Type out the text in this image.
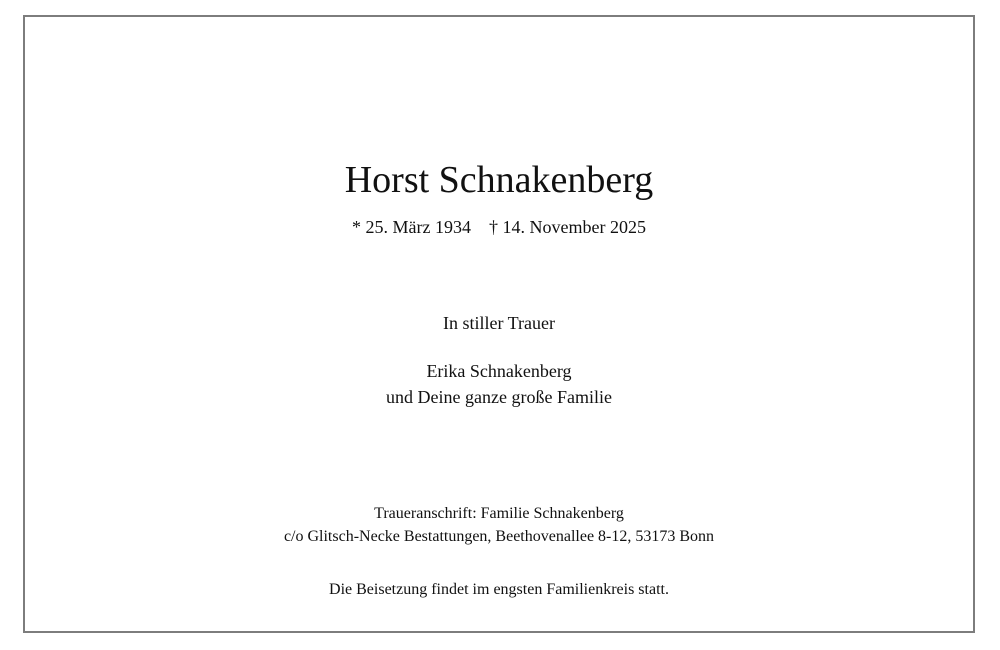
Horst Schnakenberg
* 25. März 1934 † 14. November 2025
In stiller Trauer
Erika Schnakenberg
und Deine ganze große Familie
Traueranschrift: Familie Schnakenberg
c/o Glitsch-Necke Bestattungen, Beethovenallee 8-12, 53173 Bonn
Die Beisetzung findet im engsten Familienkreis statt.
